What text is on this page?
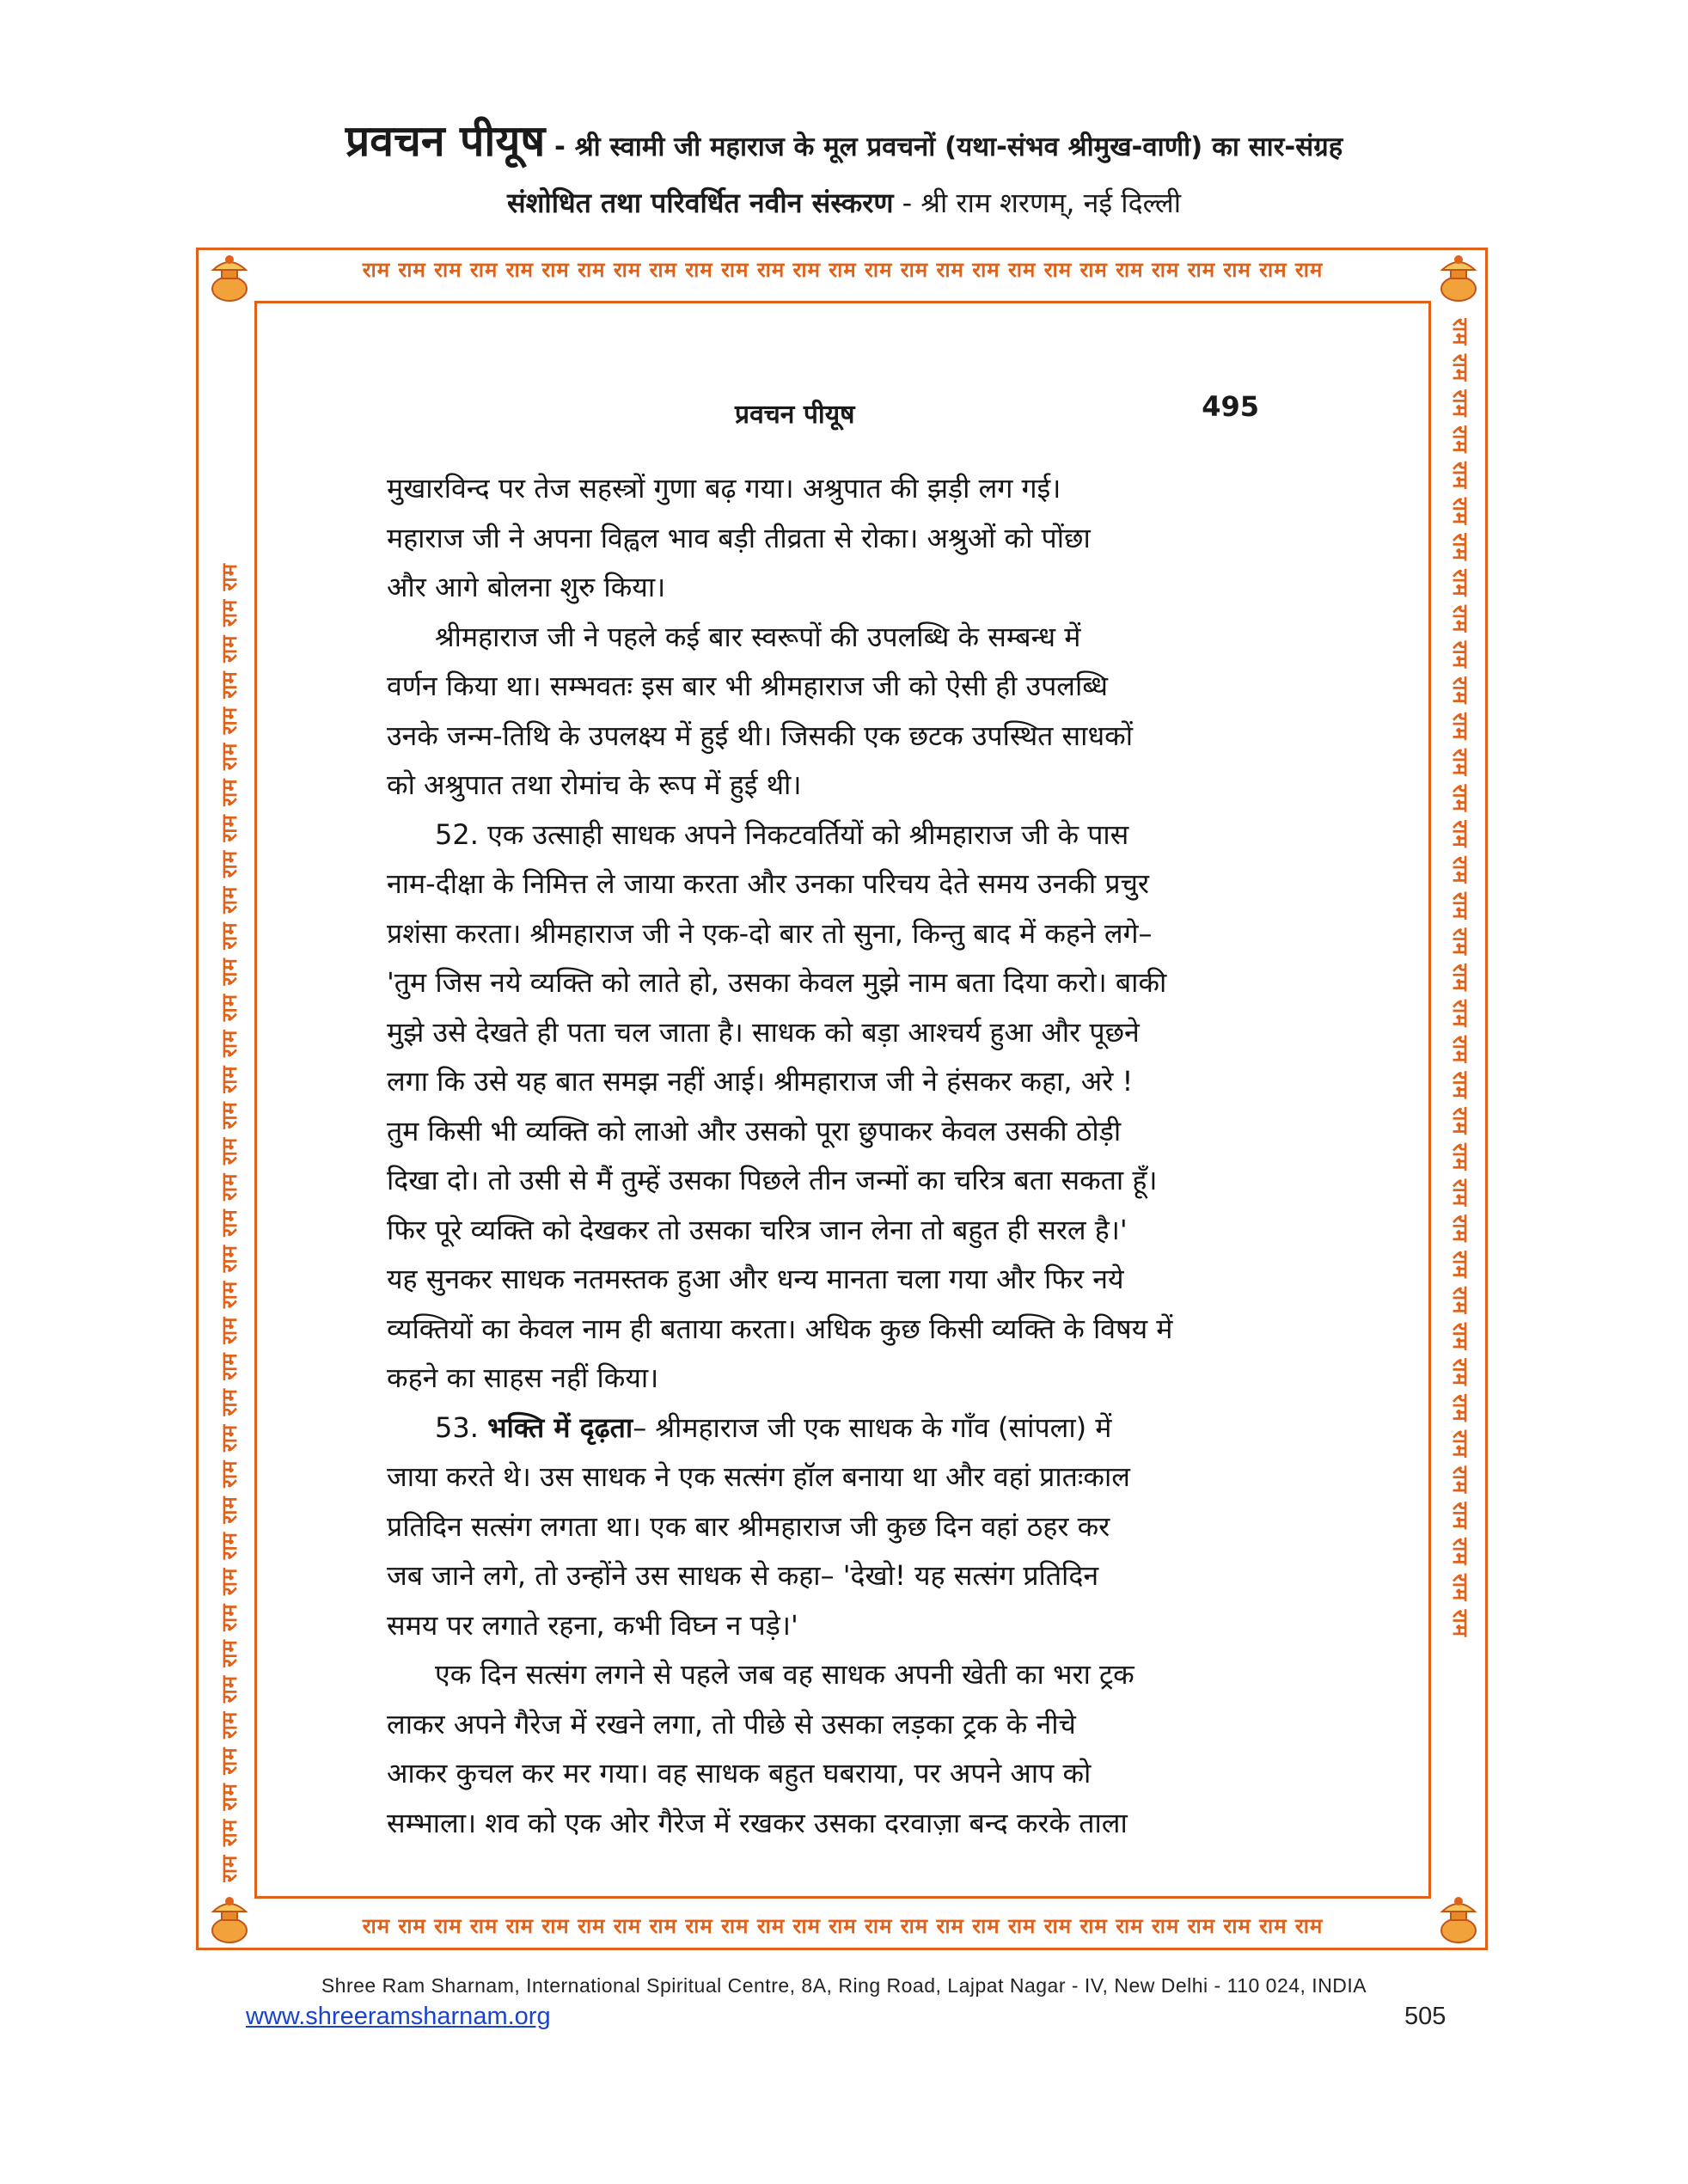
प्रवचन पीयूष - श्री स्वामी जी महाराज के मूल प्रवचनों (यथा-संभव श्रीमुख-वाणी) का सार-संग्रह
संशोधित तथा परिवर्धित नवीन संस्करण - श्री राम शरणम्, नई दिल्ली
राम राम राम राम राम राम राम राम राम राम राम राम राम राम राम राम राम राम राम राम राम राम राम राम राम राम राम
राम राम राम राम राम राम राम राम राम राम राम राम राम राम राम राम राम राम राम राम राम राम राम राम राम राम राम
राम राम राम राम राम राम राम राम राम राम राम राम राम राम राम राम राम राम राम राम राम राम राम राम राम राम राम राम राम राम राम राम राम राम राम राम राम	राम राम राम राम राम राम राम राम राम राम राम राम राम राम राम राम राम राम राम राम राम राम राम राम राम राम राम राम राम राम राम राम राम राम राम राम राम
प्रवचन पीयूष	495
मुखारविन्द पर तेज सहस्त्रों गुणा बढ़ गया। अश्रुपात की झड़ी लग गई।
महाराज जी ने अपना विह्वल भाव बड़ी तीव्रता से रोका। अश्रुओं को पोंछा
और आगे बोलना शुरु किया।
श्रीमहाराज जी ने पहले कई बार स्वरूपों की उपलब्धि के सम्बन्ध में
वर्णन किया था। सम्भवतः इस बार भी श्रीमहाराज जी को ऐसी ही उपलब्धि
उनके जन्म-तिथि के उपलक्ष्य में हुई थी। जिसकी एक छटक उपस्थित साधकों
को अश्रुपात तथा रोमांच के रूप में हुई थी।
52. एक उत्साही साधक अपने निकटवर्तियों को श्रीमहाराज जी के पास
नाम-दीक्षा के निमित्त ले जाया करता और उनका परिचय देते समय उनकी प्रचुर
प्रशंसा करता। श्रीमहाराज जी ने एक-दो बार तो सुना, किन्तु बाद में कहने लगे–
'तुम जिस नये व्यक्ति को लाते हो, उसका केवल मुझे नाम बता दिया करो। बाकी
मुझे उसे देखते ही पता चल जाता है। साधक को बड़ा आश्चर्य हुआ और पूछने
लगा कि उसे यह बात समझ नहीं आई। श्रीमहाराज जी ने हंसकर कहा, अरे !
तुम किसी भी व्यक्ति को लाओ और उसको पूरा छुपाकर केवल उसकी ठोड़ी
दिखा दो। तो उसी से मैं तुम्हें उसका पिछले तीन जन्मों का चरित्र बता सकता हूँ।
फिर पूरे व्यक्ति को देखकर तो उसका चरित्र जान लेना तो बहुत ही सरल है।'
यह सुनकर साधक नतमस्तक हुआ और धन्य मानता चला गया और फिर नये
व्यक्तियों का केवल नाम ही बताया करता। अधिक कुछ किसी व्यक्ति के विषय में
कहने का साहस नहीं किया।
53. भक्ति में दृढ़ता– श्रीमहाराज जी एक साधक के गाँव (सांपला) में
जाया करते थे। उस साधक ने एक सत्संग हॉल बनाया था और वहां प्रातःकाल
प्रतिदिन सत्संग लगता था। एक बार श्रीमहाराज जी कुछ दिन वहां ठहर कर
जब जाने लगे, तो उन्होंने उस साधक से कहा– 'देखो! यह सत्संग प्रतिदिन
समय पर लगाते रहना, कभी विघ्न न पड़े।'
एक दिन सत्संग लगने से पहले जब वह साधक अपनी खेती का भरा ट्रक
लाकर अपने गैरेज में रखने लगा, तो पीछे से उसका लड़का ट्रक के नीचे
आकर कुचल कर मर गया। वह साधक बहुत घबराया, पर अपने आप को
सम्भाला। शव को एक ओर गैरेज में रखकर उसका दरवाज़ा बन्द करके ताला
Shree Ram Sharnam, International Spiritual Centre, 8A, Ring Road, Lajpat Nagar - IV, New Delhi - 110 024, INDIA
www.shreeramsharnam.org	505
